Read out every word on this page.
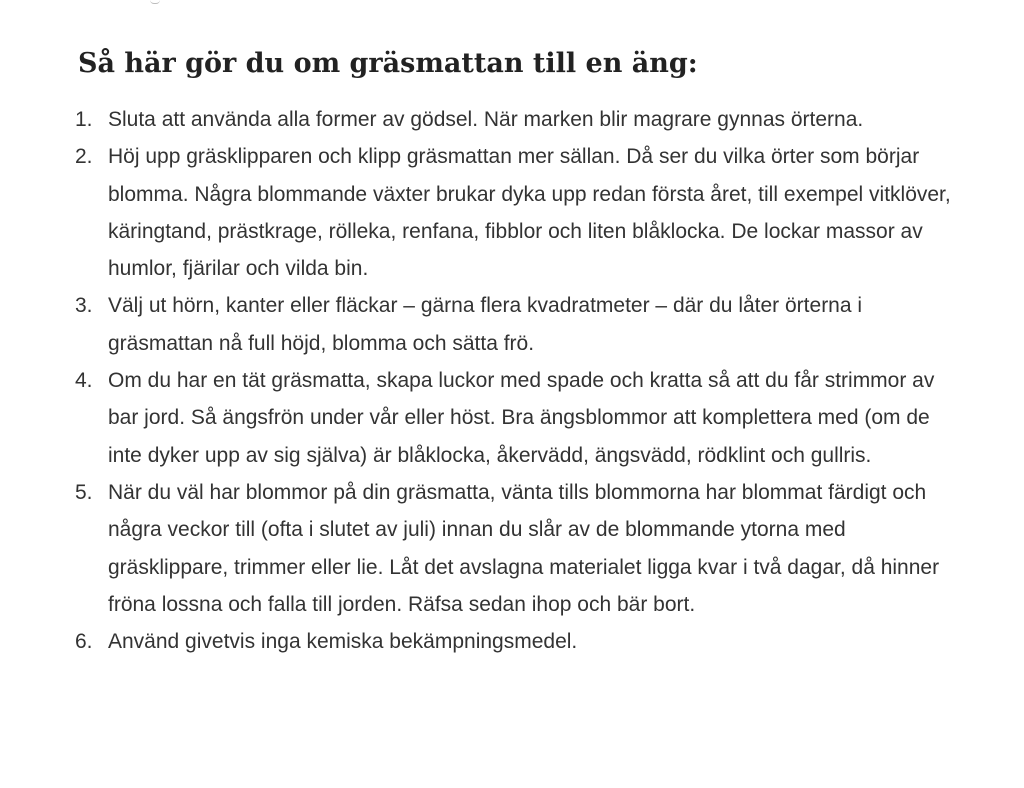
Så här gör du om gräsmattan till en äng:
1. Sluta att använda alla former av gödsel. När marken blir magrare gynnas örterna.
2. Höj upp gräsklipparen och klipp gräsmattan mer sällan. Då ser du vilka örter som börjar blomma. Några blommande växter brukar dyka upp redan första året, till exempel vitklöver, käringtand, prästkrage, rölleka, renfana, fibblor och liten blåklocka. De lockar massor av humlor, fjärilar och vilda bin.
3. Välj ut hörn, kanter eller fläckar – gärna flera kvadratmeter – där du låter örterna i gräsmattan nå full höjd, blomma och sätta frö.
4. Om du har en tät gräsmatta, skapa luckor med spade och kratta så att du får strimmor av bar jord. Så ängsfrön under vår eller höst. Bra ängsblommor att komplettera med (om de inte dyker upp av sig själva) är blåklocka, åkervädd, ängsvädd, rödklint och gullris.
5. När du väl har blommor på din gräsmatta, vänta tills blommorna har blommat färdigt och några veckor till (ofta i slutet av juli) innan du slår av de blommande ytorna med gräsklippare, trimmer eller lie. Låt det avslagna materialet ligga kvar i två dagar, då hinner fröna lossna och falla till jorden. Räfsa sedan ihop och bär bort.
6. Använd givetvis inga kemiska bekämpningsmedel.
